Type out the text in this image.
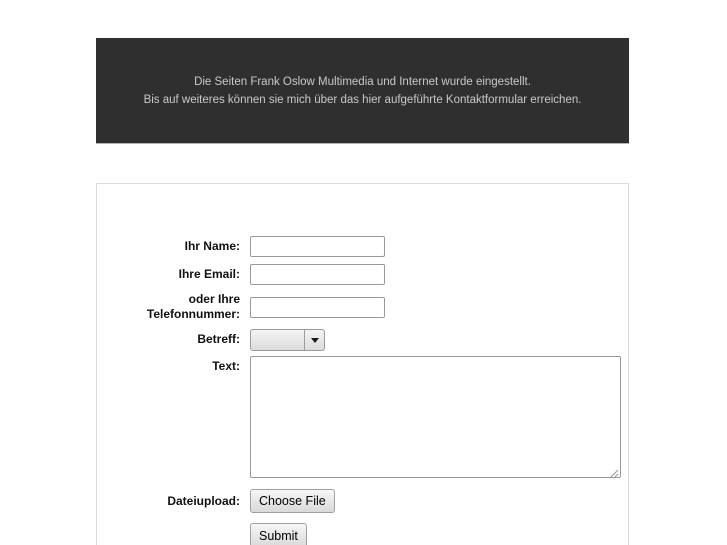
Die Seiten Frank Oslow Multimedia und Internet wurde eingestellt.
Bis auf weiteres können sie mich über das hier aufgeführte Kontaktformular erreichen.
Ihr Name:
Ihre Email:
oder Ihre Telefonnummer:
Betreff:
Text:
Dateiupload:	Choose File
Submit
